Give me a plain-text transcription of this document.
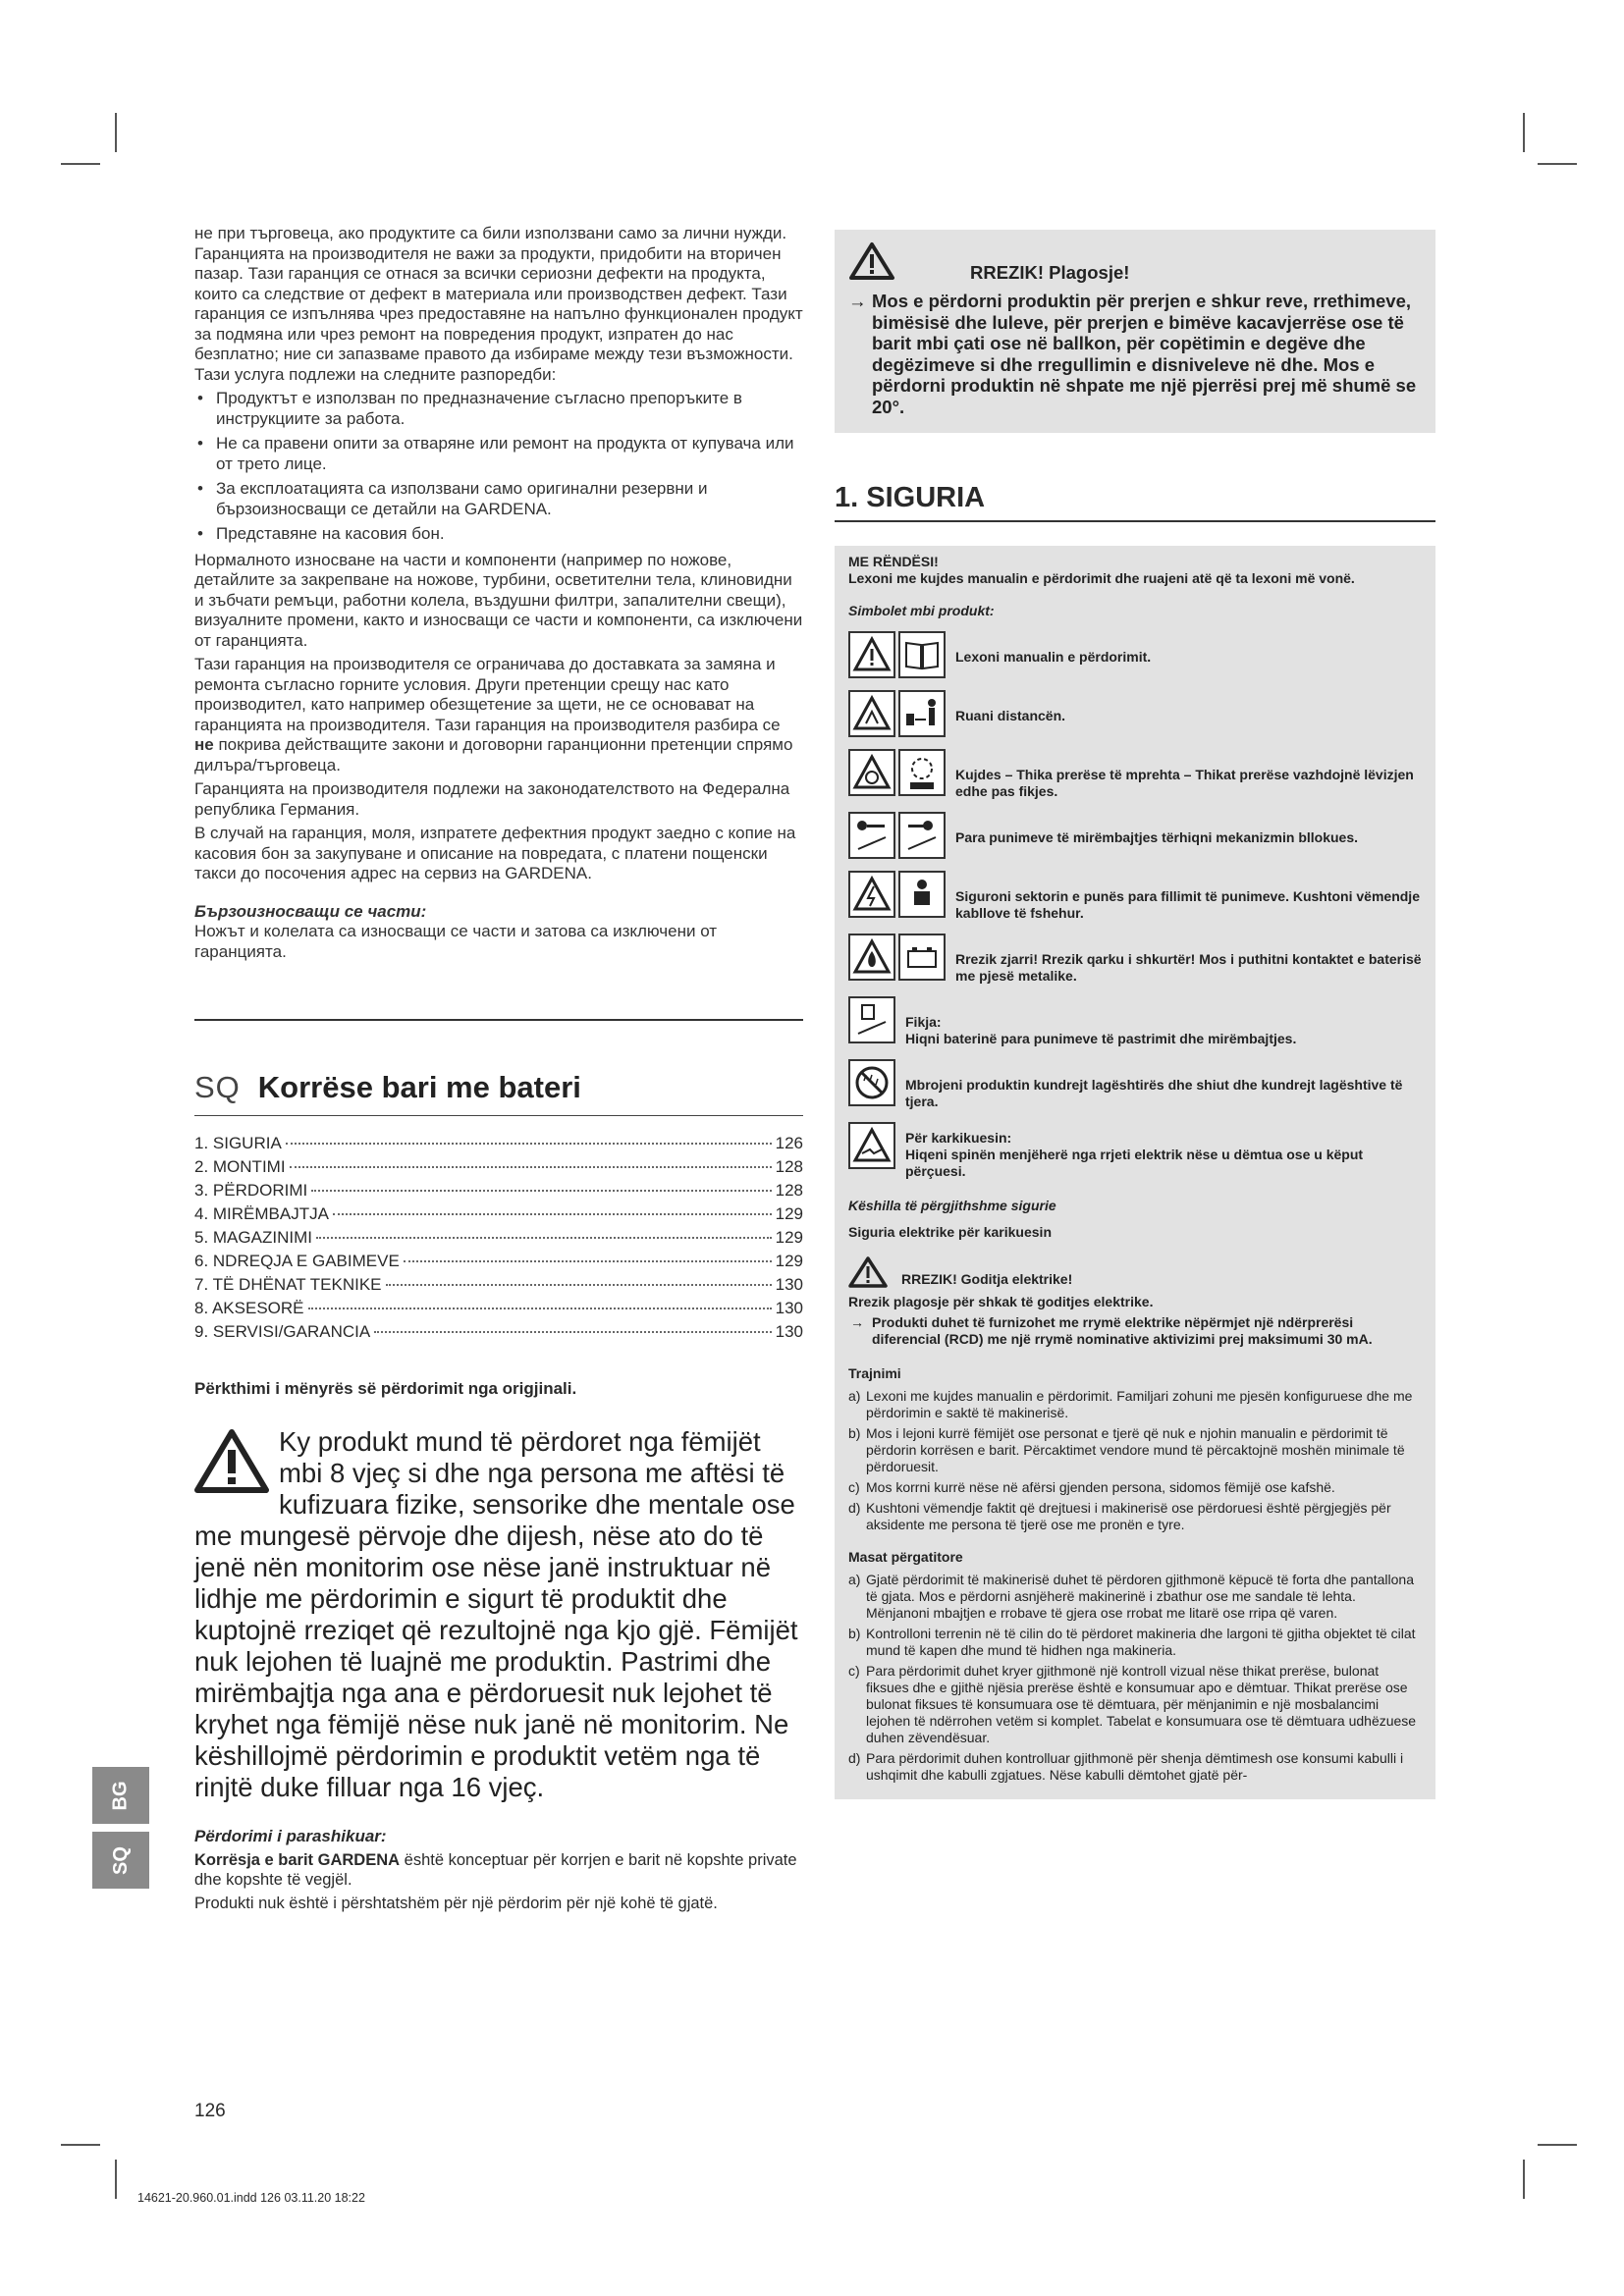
BG
SQ

не при търговеца, ако продуктите са били използвани само за лични нужди. Гаранцията на производителя не важи за продукти, придобити на вторичен пазар. Тази гаранция се отнася за всички сериозни дефекти на продукта, които са следствие от дефект в материала или производствен дефект. Тази гаранция се изпълнява чрез предоставяне на напълно функционален продукт за подмяна или чрез ремонт на повредения продукт, изпратен до нас безплатно; ние си запазваме правото да избираме между тези възможности. Тази услуга подлежи на следните разпоредби:

• Продуктът е използван по предназначение съгласно препоръките в инструкциите за работа.
• Не са правени опити за отваряне или ремонт на продукта от купувача или от трето лице.
• За експлоатацията са използвани само оригинални резервни и бързоизносващи се детайли на GARDENA.
• Представяне на касовия бон.

Нормалното износване на части и компоненти (например по ножове, детайлите за закрепване на ножове, турбини, осветителни тела, клиновидни и зъбчати ремъци, работни колела, въздушни филтри, запалителни свещи), визуалните промени, както и износващи се части и компоненти, са изключени от гаранцията.

Тази гаранция на производителя се ограничава до доставката за замяна и ремонта съгласно горните условия. Други претенции срещу нас като производител, като например обезщетение за щети, не се основават на гаранцията на производителя. Тази гаранция на производителя разбира се не покрива действащите закони и договорни гаранционни претенции спрямо дилъра/търговеца.

Гаранцията на производителя подлежи на законодателството на Федерална република Германия.

В случай на гаранция, моля, изпратете дефектния продукт заедно с копие на касовия бон за закупуване и описание на повредата, с платени пощенски такси до посочения адрес на сервиз на GARDENA.

Бързоизносващи се части:

Ножът и колелата са износващи се части и затова са изключени от гаранцията.

SQ Korrëse bari me bateri
1. SIGURIA	126
2. MONTIMI	128
3. PËRDORIMI	128
4. MIRËMBAJTJA	129
5. MAGAZINIMI	129
6. NDREQJA E GABIMEVE	129
7. TË DHËNAT TEKNIKE	130
8. AKSESORË	130
9. SERVISI/GARANCIA	130
Përkthimi i mënyrës së përdorimit nga origjinali.
Ky produkt mund të përdoret nga fëmijët mbi 8 vjeç si dhe nga persona me aftësi të kufizuara fizike, sensorike dhe mentale ose me mungesë përvoje dhe dijesh, nëse ato do të jenë nën monitorim ose nëse janë instruktuar në lidhje me përdorimin e sigurt të produktit dhe kuptojnë rreziqet që rezultojnë nga kjo gjë. Fëmijët nuk lejohen të luajnë me produktin. Pastrimi dhe mirëmbajtja nga ana e përdoruesit nuk lejohet të kryhet nga fëmijë nëse nuk janë në monitorim. Ne këshillojmë përdorimin e produktit vetëm nga të rinjtë duke filluar nga 16 vjeç.
Përdorimi i parashikuar:

Korrësja e barit GARDENA është konceptuar për korrjen e barit në kopshte private dhe kopshte të vegjël.

Produkti nuk është i përshtatshëm për një përdorim për një kohë të gjatë.

RREZIK! Plagosje!
→ Mos e përdorni produktin për prerjen e shkur reve, rrethimeve, bimësisë dhe luleve, për prerjen e bimëve kacavjerrëse ose të barit mbi çati ose në ballkon, për copëtimin e degëve dhe degëzimeve si dhe rregullimin e disniveleve në dhe. Mos e përdorni produktin në shpate me një pjerrësi prej më shumë se 20°.
1. SIGURIA
ME RËNDËSI!
Lexoni me kujdes manualin e përdorimit dhe ruajeni atë që ta lexoni më vonë.
Simbolet mbi produkt:
Lexoni manualin e përdorimit.
Ruani distancën.
Kujdes – Thika prerëse të mprehta – Thikat prerëse vazhdojnë lëvizjen edhe pas fikjes.
Para punimeve të mirëmbajtjes tërhiqni mekanizmin bllokues.
Siguroni sektorin e punës para fillimit të punimeve. Kushtoni vëmendje kabllove të fshehur.
Rrezik zjarri! Rrezik qarku i shkurtër! Mos i puthitni kontaktet e baterisë me pjesë metalike.
Fikja:
Hiqni baterinë para punimeve të pastrimit dhe mirëmbajtjes.
Mbrojeni produktin kundrejt lagështirës dhe shiut dhe kundrejt lagështive të tjera.
Për karkikuesin:
Hiqeni spinën menjëherë nga rrjeti elektrik nëse u dëmtua ose u këput përçuesi.
Këshilla të përgjithshme sigurie
Siguria elektrike për karikuesin
RREZIK! Goditja elektrike!
Rrezik plagosje për shkak të goditjes elektrike.
→ Produkti duhet të furnizohet me rrymë elektrike nëpërmjet një ndërprerësi diferencial (RCD) me një rrymë nominative aktivizimi prej maksimumi 30 mA.
Trajnimi
a) Lexoni me kujdes manualin e përdorimit. Familjari zohuni me pjesën konfiguruese dhe me përdorimin e saktë të makinerisë.
b) Mos i lejoni kurrë fëmijët ose personat e tjerë që nuk e njohin manualin e përdorimit të përdorin korrësen e barit. Përcaktimet vendore mund të përcaktojnë moshën minimale të përdoruesit.
c) Mos korrni kurrë nëse në afërsi gjenden persona, sidomos fëmijë ose kafshë.
d) Kushtoni vëmendje faktit që drejtuesi i makinerisë ose përdoruesi është përgjegjës për aksidente me persona të tjerë ose me pronën e tyre.
Masat përgatitore
a) Gjatë përdorimit të makinerisë duhet të përdoren gjithmonë këpucë të forta dhe pantallona të gjata. Mos e përdorni asnjëherë makinerinë i zbathur ose me sandale të lehta. Mënjanoni mbajtjen e rrobave të gjera ose rrobat me litarë ose rripa që varen.
b) Kontrolloni terrenin në të cilin do të përdoret makineria dhe largoni të gjitha objektet të cilat mund të kapen dhe mund të hidhen nga makineria.
c) Para përdorimit duhet kryer gjithmonë një kontroll vizual nëse thikat prerëse, bulonat fiksues dhe e gjithë njësia prerëse është e konsumuar apo e dëmtuar. Thikat prerëse ose bulonat fiksues të konsumuara ose të dëmtuara, për mënjanimin e një mosbalancimi lejohen të ndërrohen vetëm si komplet. Tabelat e konsumuara ose të dëmtuara udhëzuese duhen zëvendësuar.
d) Para përdorimit duhen kontrolluar gjithmonë për shenja dëmtimesh ose konsumi kabulli i ushqimit dhe kabulli zgjatues. Nëse kabulli dëmtohet gjatë për-
126
14621-20.960.01.indd 126 03.11.20 18:22
